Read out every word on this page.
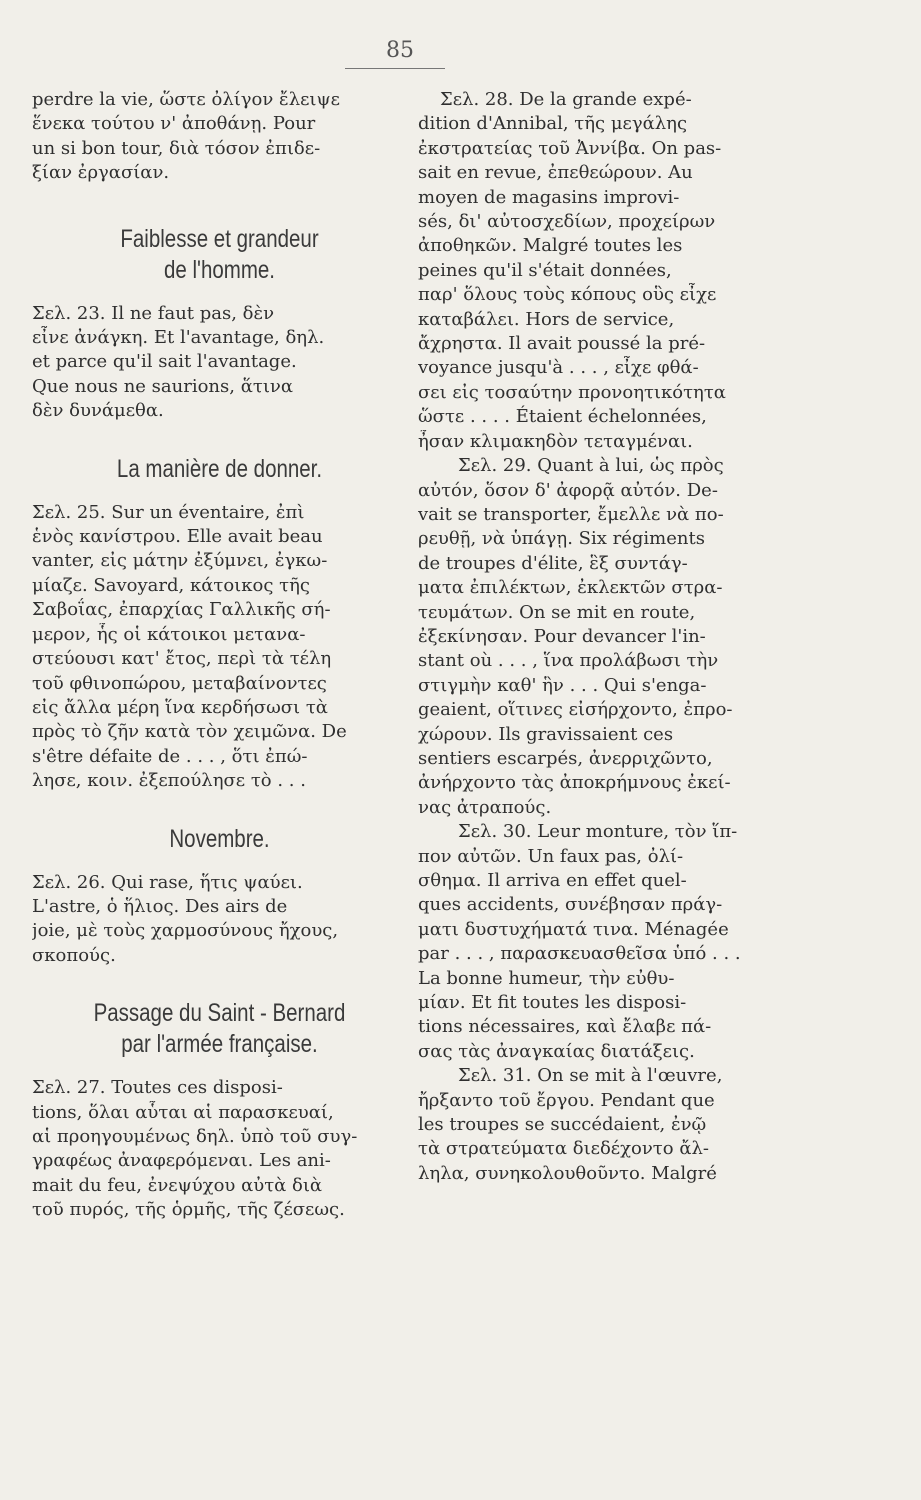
85

perdre la vie, ὥστε ὀλίγον ἔλειψε
ἕνεκα τούτου ν' ἀποθάνῃ. Pour
un si bon tour, διὰ τόσον ἐπιδε-
ξίαν ἐργασίαν.

Faiblesse et grandeur
de l'homme.

Σελ. 23. Il ne faut pas, δὲν
εἶνε ἀνάγκη. Et l'avantage, δηλ.
et parce qu'il sait l'avantage.
Que nous ne saurions, ἅτινα
δὲν δυνάμεθα.

La manière de donner.

Σελ. 25. Sur un éventaire, ἐπὶ
ἑνὸς κανίστρου. Elle avait beau
vanter, εἰς μάτην ἐξύμνει, ἐγκω-
μίαζε. Savoyard, κάτοικος τῆς
Σαβοΐας, ἐπαρχίας Γαλλικῆς σή-
μερον, ἧς οἱ κάτοικοι μετανα-
στεύουσι κατ' ἔτος, περὶ τὰ τέλη
τοῦ φθινοπώρου, μεταβαίνοντες
εἰς ἄλλα μέρη ἵνα κερδήσωσι τὰ
πρὸς τὸ ζῆν κατὰ τὸν χειμῶνα. De
s'être défaite de . . . , ὅτι ἐπώ-
λησε, κοιν. ἐξεπούλησε τὸ . . .

Novembre.

Σελ. 26. Qui rase, ἥτις ψαύει.
L'astre, ὁ ἥλιος. Des airs de
joie, μὲ τοὺς χαρμοσύνους ἤχους,
σκοπούς.

Passage du Saint - Bernard
par l'armée française.

Σελ. 27. Toutes ces disposi-
tions, ὅλαι αὗται αἱ παρασκευαί,
αἱ προηγουμένως δηλ. ὑπὸ τοῦ συγ-
γραφέως ἀναφερόμεναι. Les ani-
mait du feu, ἐνεψύχου αὐτὰ διὰ
τοῦ πυρός, τῆς ὁρμῆς, τῆς ζέσεως.

Σελ. 28. De la grande expé-
dition d'Annibal, τῆς μεγάλης
ἐκστρατείας τοῦ Ἀννίβα. On pas-
sait en revue, ἐπεθεώρουν. Au
moyen de magasins improvi-
sés, δι' αὐτοσχεδίων, προχείρων
ἀποθηκῶν. Malgré toutes les
peines qu'il s'était données,
παρ' ὅλους τοὺς κόπους οὓς εἶχε
καταβάλει. Hors de service,
ἄχρηστα. Il avait poussé la pré-
voyance jusqu'à . . . , εἶχε φθά-
σει εἰς τοσαύτην προνοητικότητα
ὥστε . . . . Étaient échelonnées,
ἦσαν κλιμακηδὸν τεταγμέναι.

Σελ. 29. Quant à lui, ὡς πρὸς
αὐτόν, ὅσον δ' ἀφορᾷ αὐτόν. De-
vait se transporter, ἔμελλε νὰ πο-
ρευθῇ, νὰ ὑπάγῃ. Six régiments
de troupes d'élite, ἓξ συντάγ-
ματα ἐπιλέκτων, ἐκλεκτῶν στρα-
τευμάτων. On se mit en route,
ἐξεκίνησαν. Pour devancer l'in-
stant où . . . , ἵνα προλάβωσι τὴν
στιγμὴν καθ' ἣν . . . Qui s'enga-
geaient, οἵτινες εἰσήρχοντο, ἐπρο-
χώρουν. Ils gravissaient ces
sentiers escarpés, ἀνερριχῶντο,
ἀνήρχοντο τὰς ἀποκρήμνους ἐκεί-
νας ἀτραπούς.

Σελ. 30. Leur monture, τὸν ἵπ-
πον αὐτῶν. Un faux pas, ὀλί-
σθημα. Il arriva en effet quel-
ques accidents, συνέβησαν πράγ-
ματι δυστυχήματά τινα. Ménagée
par . . . , παρασκευασθεῖσα ὑπό . . .
La bonne humeur, τὴν εὐθυ-
μίαν. Et fit toutes les disposi-
tions nécessaires, καὶ ἔλαβε πά-
σας τὰς ἀναγκαίας διατάξεις.

Σελ. 31. On se mit à l'œuvre,
ἤρξαντο τοῦ ἔργου. Pendant que
les troupes se succédaient, ἐνῷ
τὰ στρατεύματα διεδέχοντο ἄλ-
ληλα, συνηκολουθοῦντο. Malgré
